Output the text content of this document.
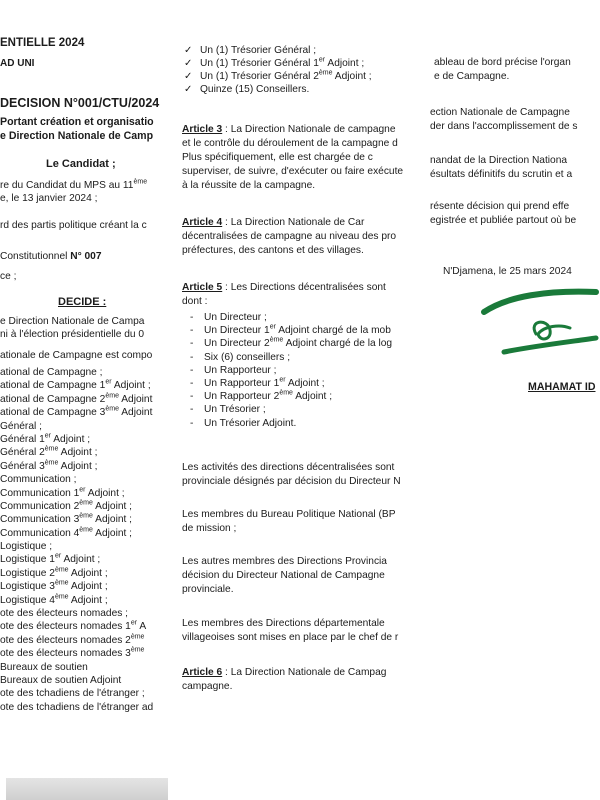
ENTIELLE 2024
AD UNI
DECISION N°001/CTU/2024
Portant création et organisatio
e Direction Nationale de Camp
Le Candidat ;
re du Candidat du MPS au 11ème
e, le 13 janvier 2024 ;
rd des partis politique créant la c
Constitutionnel N° 007
ce ;
DECIDE :
e Direction Nationale de Campa
ni à l'élection présidentielle du 0
ationale de Campagne est compo
ational de Campagne ;
ational de Campagne 1er Adjoint ;
ational de Campagne 2ème Adjoint
ational de Campagne 3ème Adjoint
Général ;
Général 1er Adjoint ;
Général 2ème Adjoint ;
Général 3ème Adjoint ;
Communication ;
Communication 1er Adjoint ;
Communication 2ème Adjoint ;
Communication 3ème Adjoint ;
Communication 4ème Adjoint ;
Logistique ;
Logistique 1er Adjoint ;
Logistique 2ème Adjoint ;
Logistique 3ème Adjoint ;
Logistique 4ème Adjoint ;
ote des électeurs nomades ;
ote des électeurs nomades 1er A
ote des électeurs nomades 2ème
ote des électeurs nomades 3ème
Bureaux de soutien
Bureaux de soutien Adjoint
ote des tchadiens de l'étranger ;
ote des tchadiens de l'étranger ad
✓ Un (1) Trésorier Général ;
✓ Un (1) Trésorier Général 1er Adjoint ;
✓ Un (1) Trésorier Général 2ème Adjoint ;
✓ Quinze (15) Conseillers.
Article 3 : La Direction Nationale de campagne
et le contrôle du déroulement de la campagne d
Plus spécifiquement, elle est chargée de c
superviser, de suivre, d'exécuter ou faire exécute
à la réussite de la campagne.
Article 4 : La Direction Nationale de Car
décentralisées de campagne au niveau des pro
préfectures, des cantons et des villages.
Article 5 : Les Directions décentralisées sont
dont :
- Un Directeur ;
- Un Directeur 1er Adjoint chargé de la mob
- Un Directeur 2ème Adjoint chargé de la log
- Six (6) conseillers ;
- Un Rapporteur ;
- Un Rapporteur 1er Adjoint ;
- Un Rapporteur 2ème Adjoint ;
- Un Trésorier ;
- Un Trésorier Adjoint.
Les activités des directions décentralisées sont
provinciale désignés par décision du Directeur N
Les membres du Bureau Politique National (BP
de mission ;
Les autres membres des Directions Provincia
décision du Directeur National de Campagne
provinciale.
Les membres des Directions départementale
villageoises sont mises en place par le chef de r
Article 6 : La Direction Nationale de Campag
campagne.
ableau de bord précise l'organ
e de Campagne.
ection Nationale de Campagne
der dans l'accomplissement de s
nandat de la Direction Nationa
ésultats définitifs du scrutin et a
résente décision qui prend effe
egistrée et publiée partout où be
N'Djamena, le 25 mars 2024
MAHAMAT ID
